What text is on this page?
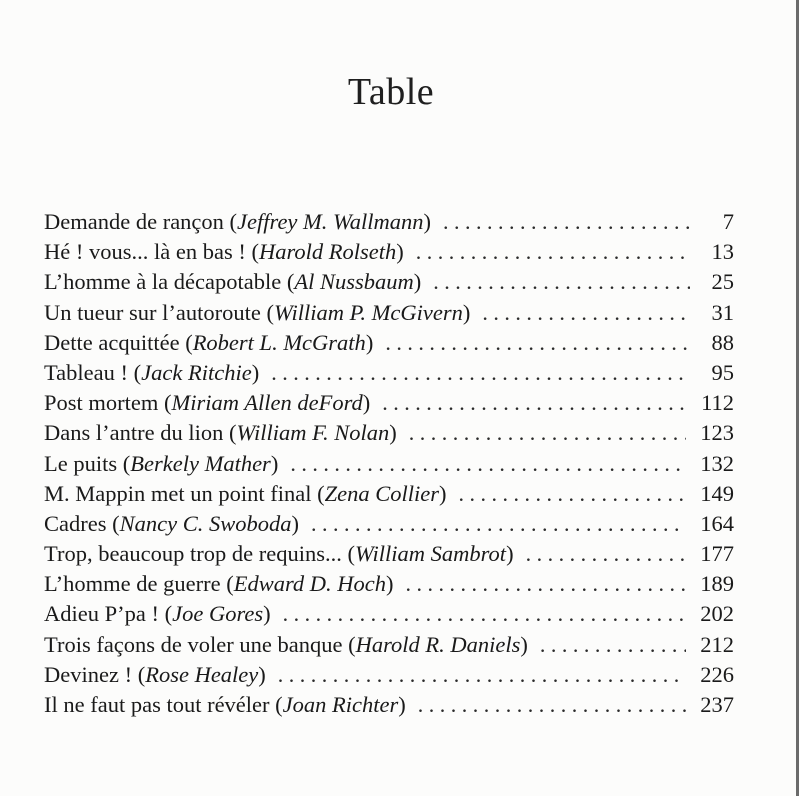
Table
Demande de rançon (Jeffrey M. Wallmann) . . .	7
Hé ! vous... là en bas ! (Harold Rolseth) . . .	13
L’homme à la décapotable (Al Nussbaum) . . .	25
Un tueur sur l’autoroute (William P. McGivern) . . .	31
Dette acquittée (Robert L. McGrath) . . .	88
Tableau ! (Jack Ritchie) . . .	95
Post mortem (Miriam Allen deFord) . . .	112
Dans l’antre du lion (William F. Nolan) . . .	123
Le puits (Berkely Mather) . . .	132
M. Mappin met un point final (Zena Collier) . . .	149
Cadres (Nancy C. Swoboda) . . .	164
Trop, beaucoup trop de requins... (William Sambrot) . . .	177
L’homme de guerre (Edward D. Hoch) . . .	189
Adieu P’pa ! (Joe Gores) . . .	202
Trois façons de voler une banque (Harold R. Daniels) . . .	212
Devinez ! (Rose Healey) . . .	226
Il ne faut pas tout révéler (Joan Richter) . . .	237
